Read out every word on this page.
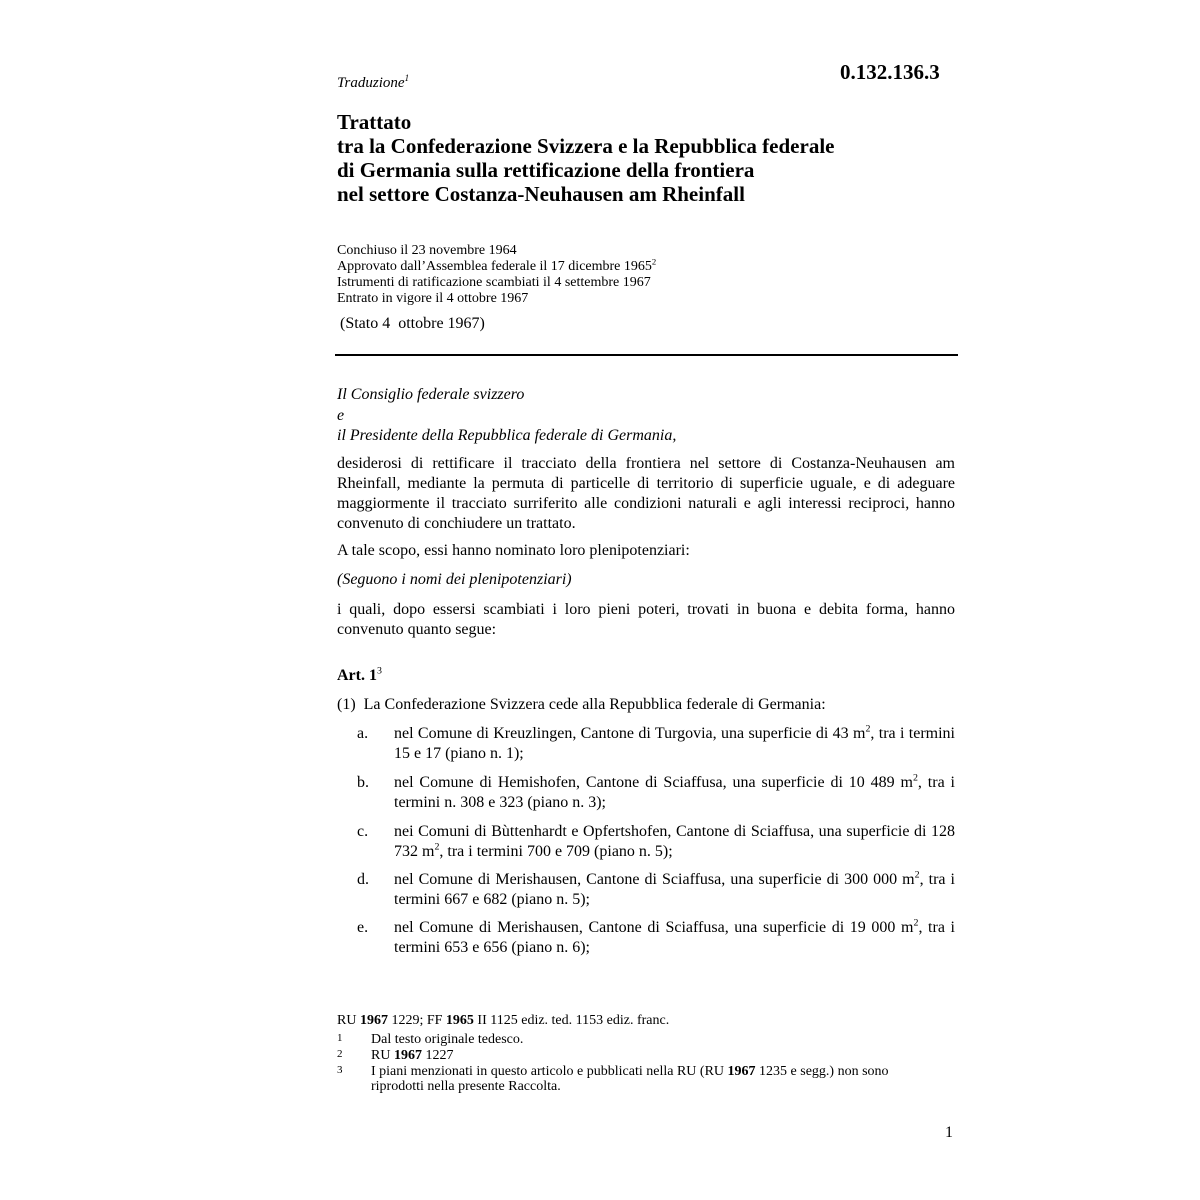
Traduzione$^1$	0.132.136.3
Trattato
tra la Confederazione Svizzera e la Repubblica federale
di Germania sulla rettificazione della frontiera
nel settore Costanza-Neuhausen am Rheinfall
Conchiuso il 23 novembre 1964
Approvato dall’Assemblea federale il 17 dicembre 1965$^2$
Istrumenti di ratificazione scambiati il 4 settembre 1967
Entrato in vigore il 4 ottobre 1967
(Stato 4  ottobre 1967)
Il Consiglio federale svizzero
e
il Presidente della Repubblica federale di Germania,
desiderosi di rettificare il tracciato della frontiera nel settore di Costanza-Neuhausen am Rheinfall, mediante la permuta di particelle di territorio di superficie uguale, e di adeguare maggiormente il tracciato surriferito alle condizioni naturali e agli interessi reciproci, hanno convenuto di conchiudere un trattato.
A tale scopo, essi hanno nominato loro plenipotenziari:
(Seguono i nomi dei plenipotenziari)
i quali, dopo essersi scambiati i loro pieni poteri, trovati in buona e debita forma, hanno convenuto quanto segue:
Art. $1^3$
(1)  La Confederazione Svizzera cede alla Repubblica federale di Germania:
a. nel Comune di Kreuzlingen, Cantone di Turgovia, una superficie di 43 $m^2$, tra i termini 15 e 17 (piano n. 1);
b. nel Comune di Hemishofen, Cantone di Sciaffusa, una superficie di 10 489 $m^2$, tra i termini n. 308 e 323 (piano n. 3);
c. nei Comuni di Bùttenhardt e Opfertshofen, Cantone di Sciaffusa, una superficie di 128 732 $m^2$, tra i termini 700 e 709 (piano n. 5);
d. nel Comune di Merishausen, Cantone di Sciaffusa, una superficie di 300 000 $m^2$, tra i termini 667 e 682 (piano n. 5);
e. nel Comune di Merishausen, Cantone di Sciaffusa, una superficie di 19 000 $m^2$, tra i termini 653 e 656 (piano n. 6);
RU 1967 1229; FF 1965 II 1125 ediz. ted. 1153 ediz. franc.
1 Dal testo originale tedesco.
2 RU 1967 1227
3 I piani menzionati in questo articolo e pubblicati nella RU (RU 1967 1235 e segg.) non sono riprodotti nella presente Raccolta.
1
